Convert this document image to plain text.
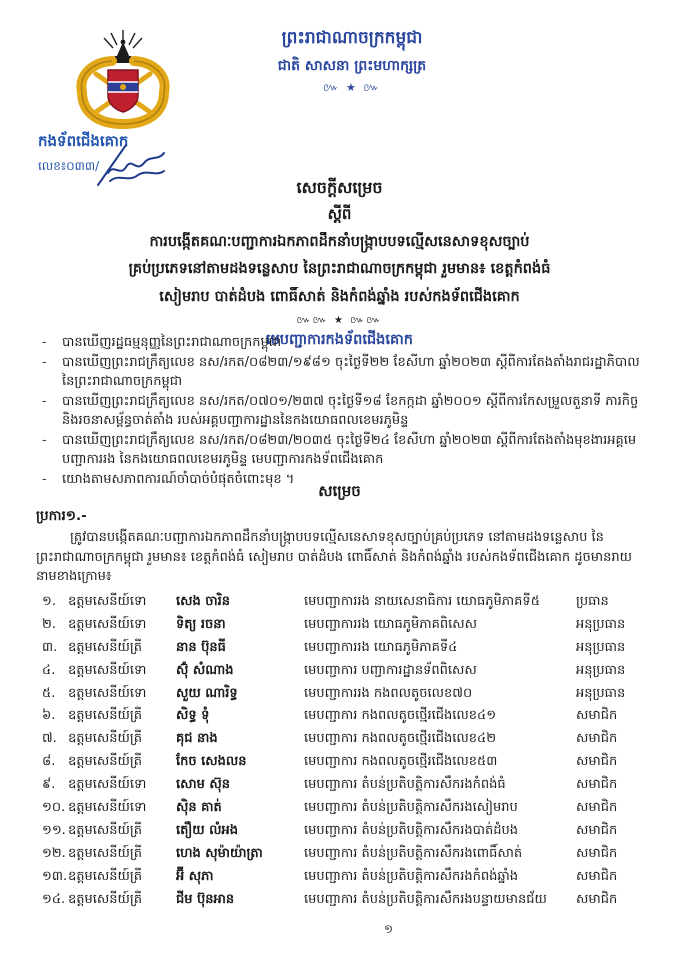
ព្រះរាជាណាចក្រកម្ពុជា
ជាតិ សាសនា ព្រះមហាក្សត្រ
៚ ★ ៚
កងទ័ពជើងគោក
លេខ៖០៣៣/
សេចក្តីសម្រេច
ស្តីពី
ការបង្កើតគណៈបញ្ជាការឯកភាពដឹកនាំបង្ក្រាបបទល្មើសនេសាទខុសច្បាប់
គ្រប់ប្រភេទនៅតាមដងទន្លេសាប នៃព្រះរាជាណាចក្រកម្ពុជា រួមមាន៖ ខេត្តកំពង់ធំ
សៀមរាប បាត់ដំបង ពោធិ៍សាត់ និងកំពង់ឆ្នាំង របស់កងទ័ពជើងគោក
៚៚ ★ ៚៚
មេបញ្ជាការកងទ័ពជើងគោក
-	បានឃើញរដ្ឋធម្មនុញ្ញនៃព្រះរាជាណាចក្រកម្ពុជា
-	បានឃើញព្រះរាជក្រឹត្យលេខ នស/រកត/០៨២៣/១៩៨១ ចុះថ្ងៃទី២២ ខែសីហា ឆ្នាំ២០២៣ ស្តីពីការតែងតាំងរាជរដ្ឋាភិបាលនៃព្រះរាជាណាចក្រកម្ពុជា
-	បានឃើញព្រះរាជក្រឹត្យលេខ នស/រកត/០៧០១/២៣៧ ចុះថ្ងៃទី១៨ ខែកក្កដា ឆ្នាំ២០០១ ស្តីពីការកែសម្រួលតួនាទី ភារកិច្ច និងរចនាសម្ព័ន្ធចាត់តាំង របស់អគ្គបញ្ជាការដ្ឋាននៃកងយោធពលខេមរភូមិន្ទ
-	បានឃើញព្រះរាជក្រឹត្យលេខ នស/រកត/០៨២៣/២០៣៥ ចុះថ្ងៃទី២៤ ខែសីហា ឆ្នាំ២០២៣ ស្តីពីការតែងតាំងមុខងារអគ្គមេបញ្ជាការរង នៃកងយោធពលខេមរភូមិន្ទ មេបញ្ជាការកងទ័ពជើងគោក
-	យោងតាមសភាពការណ៍ចាំបាច់បំផុតចំពោះមុខ ។
សម្រេច
ប្រការ១.-
ត្រូវបានបង្កើតគណៈបញ្ជាការឯកភាពដឹកនាំបង្ក្រាបបទល្មើសនេសាទខុសច្បាប់គ្រប់ប្រភេទ នៅតាមដងទន្លេសាប នៃព្រះរាជាណាចក្រកម្ពុជា រួមមាន៖ ខេត្តកំពង់ធំ សៀមរាប បាត់ដំបង ពោធិ៍សាត់ និងកំពង់ឆ្នាំង របស់កងទ័ពជើងគោក ដូចមានរាយនាមខាងក្រោម៖
១. ឧត្តមសេនីយ៍ទោ	សេង ចារិន	មេបញ្ជាការរង នាយសេនាធិការ យោធភូមិភាគទី៥	ប្រធាន
២. ឧត្តមសេនីយ៍ទោ	ទិត្យ រចនា	មេបញ្ជាការរង យោធភូមិភាគពិសេស	អនុប្រធាន
៣. ឧត្តមសេនីយ៍ត្រី	នាន ប៊ុនធី	មេបញ្ជាការរង យោធភូមិភាគទី៤	អនុប្រធាន
៤. ឧត្តមសេនីយ៍ទោ	ស៊ុំ សំណាង	មេបញ្ជាការ បញ្ជាការដ្ឋានទ័ពពិសេស	អនុប្រធាន
៥. ឧត្តមសេនីយ៍ទោ	សួយ ណារិទ្ធ	មេបញ្ជាការរង កងពលតូចលេខ៧០	អនុប្រធាន
៦. ឧត្តមសេនីយ៍ត្រី	សិទ្ធ ទុំ	មេបញ្ជាការ កងពលតូចថ្មើរជើងលេខ៤១	សមាជិក
៧. ឧត្តមសេនីយ៍ត្រី	គុជ នាង	មេបញ្ជាការ កងពលតូចថ្មើរជើងលេខ៤២	សមាជិក
៨. ឧត្តមសេនីយ៍ត្រី	កែច សេងលន	មេបញ្ជាការ កងពលតូចថ្មើរជើងលេខ៥៣	សមាជិក
៩. ឧត្តមសេនីយ៍ទោ	សោម ស៊ុន	មេបញ្ជាការ តំបន់ប្រតិបត្តិការសឹករងកំពង់ធំ	សមាជិក
១០. ឧត្តមសេនីយ៍ទោ	ស៊ិន គាត់	មេបញ្ជាការ តំបន់ប្រតិបត្តិការសឹករងសៀមរាប	សមាជិក
១១. ឧត្តមសេនីយ៍ត្រី	តឿយ លំអង	មេបញ្ជាការ តំបន់ប្រតិបត្តិការសឹករងបាត់ដំបង	សមាជិក
១២. ឧត្តមសេនីយ៍ត្រី	ហេង សុម៉ាយ៉ាត្រា	មេបញ្ជាការ តំបន់ប្រតិបត្តិការសឹករងពោធិ៍សាត់	សមាជិក
១៣. ឧត្តមសេនីយ៍ត្រី	អ៊ី សុភា	មេបញ្ជាការ តំបន់ប្រតិបត្តិការសឹករងកំពង់ឆ្នាំង	សមាជិក
១៤. ឧត្តមសេនីយ៍ត្រី	ជីម ប៊ុនអាន	មេបញ្ជាការ តំបន់ប្រតិបត្តិការសឹករងបន្ទាយមានជ័យ	សមាជិក
១
